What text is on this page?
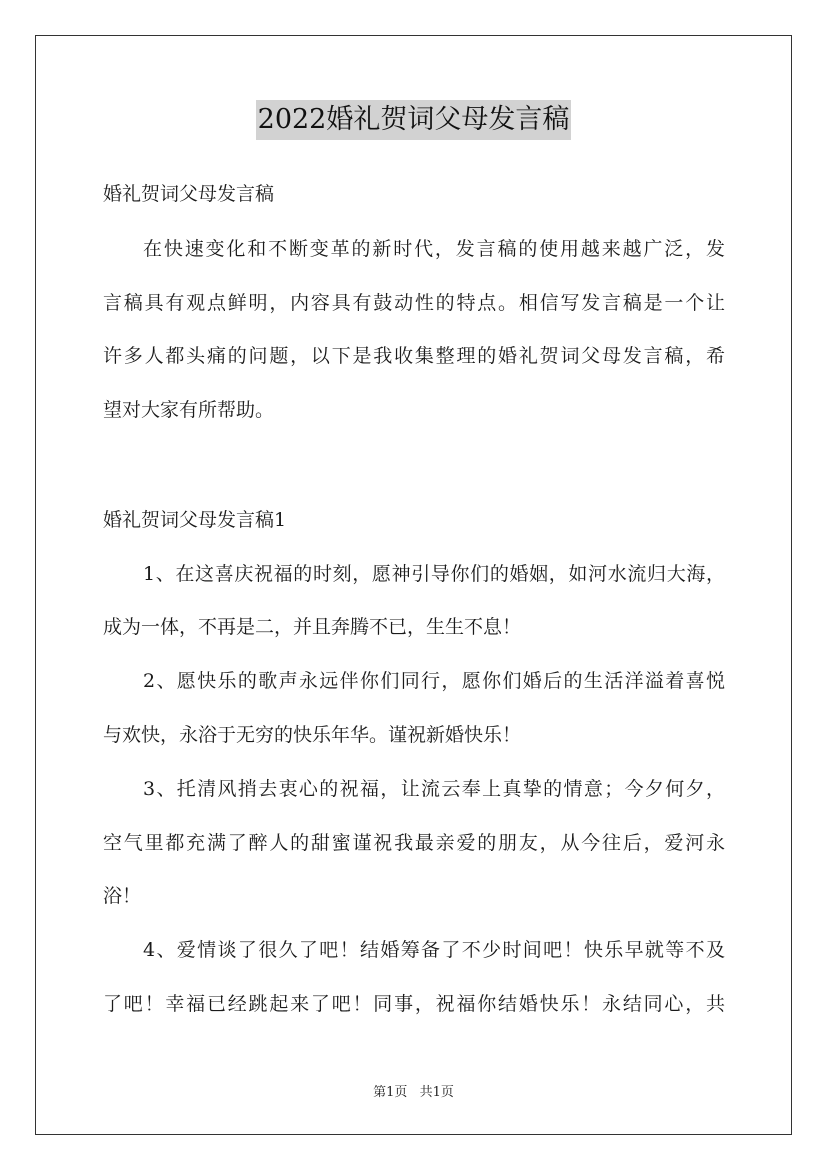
2022婚礼贺词父母发言稿
婚礼贺词父母发言稿
在快速变化和不断变革的新时代，发言稿的使用越来越广泛，发
言稿具有观点鲜明，内容具有鼓动性的特点。相信写发言稿是一个让
许多人都头痛的问题，以下是我收集整理的婚礼贺词父母发言稿，希
望对大家有所帮助。
婚礼贺词父母发言稿1
1、在这喜庆祝福的时刻，愿神引导你们的婚姻，如河水流归大海，
成为一体，不再是二，并且奔腾不已，生生不息！
2、愿快乐的歌声永远伴你们同行，愿你们婚后的生活洋溢着喜悦
与欢快，永浴于无穷的快乐年华。谨祝新婚快乐！
3、托清风捎去衷心的祝福，让流云奉上真挚的情意；今夕何夕，
空气里都充满了醉人的甜蜜谨祝我最亲爱的朋友，从今往后，爱河永
浴！
4、爱情谈了很久了吧！结婚筹备了不少时间吧！快乐早就等不及
了吧！幸福已经跳起来了吧！同事，祝福你结婚快乐！永结同心，共
第1页 共1页
